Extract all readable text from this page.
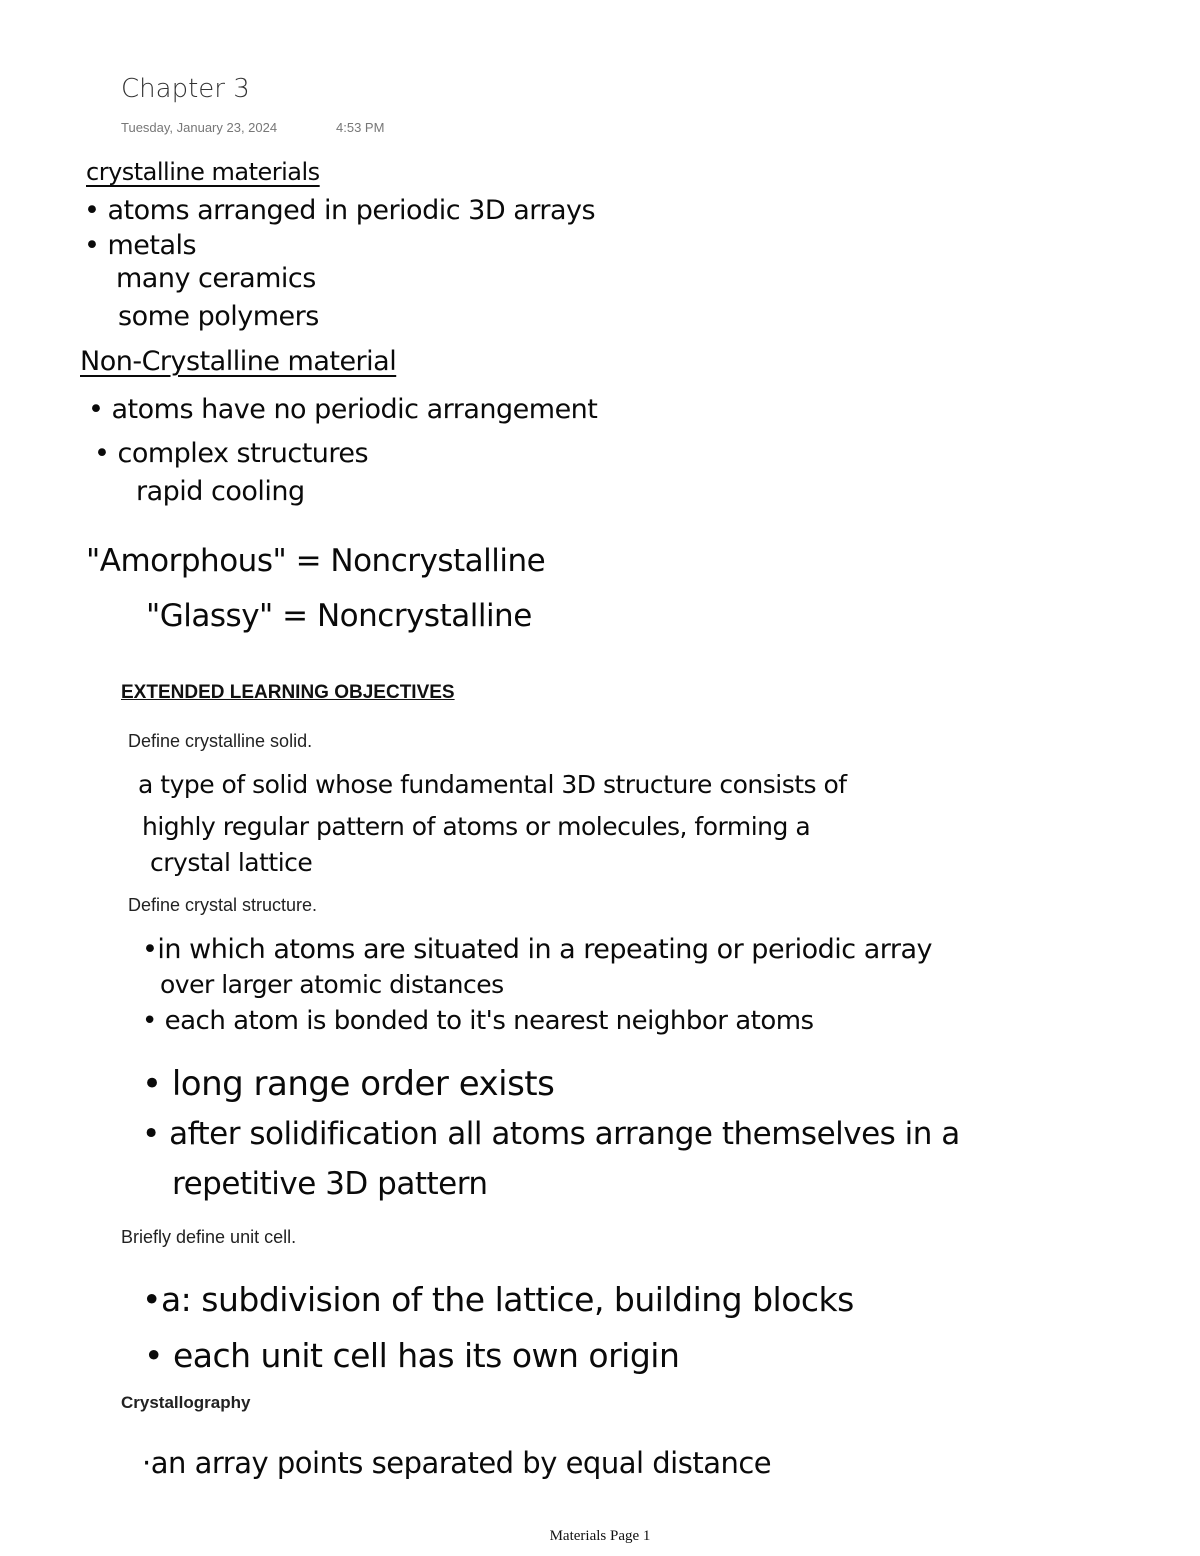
Chapter 3
Tuesday, January 23, 2024	4:53 PM
crystalline materials
• atoms arranged in periodic 3D arrays
• metals
many ceramics
some polymers
Non-Crystalline material
• atoms have no periodic arrangement
• complex structures
rapid cooling
"Amorphous" = Noncrystalline
"Glassy" = Noncrystalline
EXTENDED LEARNING OBJECTIVES
Define crystalline solid.
a type of solid whose fundamental 3D structure consists of
highly regular pattern of atoms or molecules, forming a
crystal lattice
Define crystal structure.
•in which atoms are situated in a repeating or periodic array
over larger atomic distances
• each atom is bonded to it's nearest neighbor atoms
• long range order exists
• after solidification all atoms arrange themselves in a
repetitive 3D pattern
Briefly define unit cell.
•a: subdivision of the lattice, building blocks
• each unit cell has its own origin
Crystallography
·an array points separated by equal distance
Materials Page 1
